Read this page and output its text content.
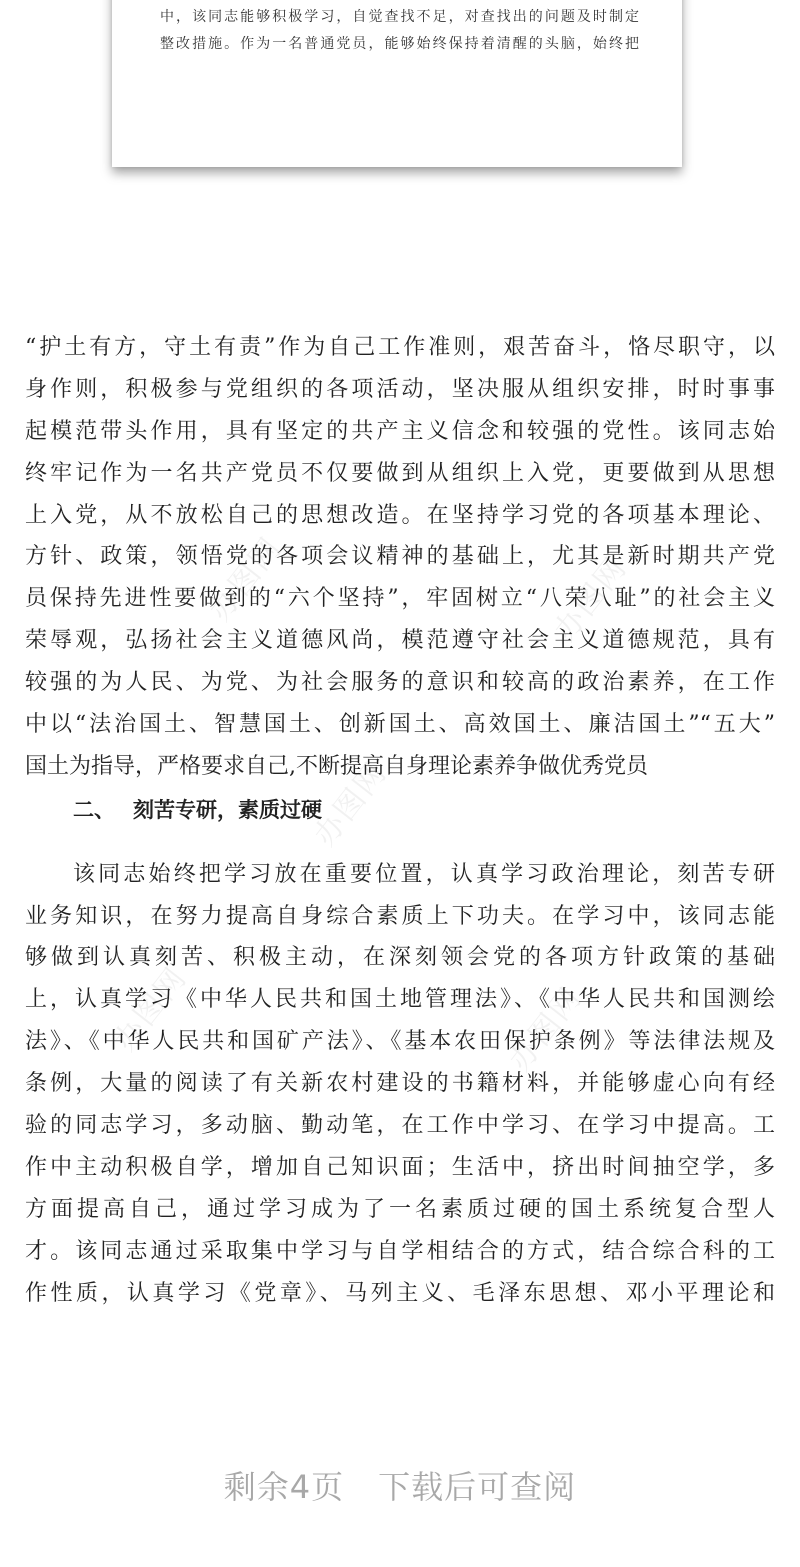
中，该同志能够积极学习，自觉查找不足，对查找出的问题及时制定
整改措施。作为一名普通党员，能够始终保持着清醒的头脑，始终把
办图网	办图网
办图网
办图网	办图网
“护土有方，守土有责”作为自己工作准则，艰苦奋斗，恪尽职守，以
身作则，积极参与党组织的各项活动，坚决服从组织安排，时时事事
起模范带头作用，具有坚定的共产主义信念和较强的党性。该同志始
终牢记作为一名共产党员不仅要做到从组织上入党，更要做到从思想
上入党，从不放松自己的思想改造。在坚持学习党的各项基本理论、
方针、政策，领悟党的各项会议精神的基础上，尤其是新时期共产党
员保持先进性要做到的“六个坚持”，牢固树立“八荣八耻”的社会主义
荣辱观，弘扬社会主义道德风尚，模范遵守社会主义道德规范，具有
较强的为人民、为党、为社会服务的意识和较高的政治素养，在工作
中以“法治国土、智慧国土、创新国土、高效国土、廉洁国土”“五大”
国土为指导，严格要求自己,不断提高自身理论素养争做优秀党员
二、 刻苦专研，素质过硬
该同志始终把学习放在重要位置，认真学习政治理论，刻苦专研
业务知识，在努力提高自身综合素质上下功夫。在学习中，该同志能
够做到认真刻苦、积极主动，在深刻领会党的各项方针政策的基础
上，认真学习《中华人民共和国土地管理法》、《中华人民共和国测绘
法》、《中华人民共和国矿产法》、《基本农田保护条例》等法律法规及
条例，大量的阅读了有关新农村建设的书籍材料，并能够虚心向有经
验的同志学习，多动脑、勤动笔，在工作中学习、在学习中提高。工
作中主动积极自学，增加自己知识面；生活中，挤出时间抽空学，多
方面提高自己，通过学习成为了一名素质过硬的国土系统复合型人
才。该同志通过采取集中学习与自学相结合的方式，结合综合科的工
作性质，认真学习《党章》、马列主义、毛泽东思想、邓小平理论和
剩余4页 下载后可查阅
